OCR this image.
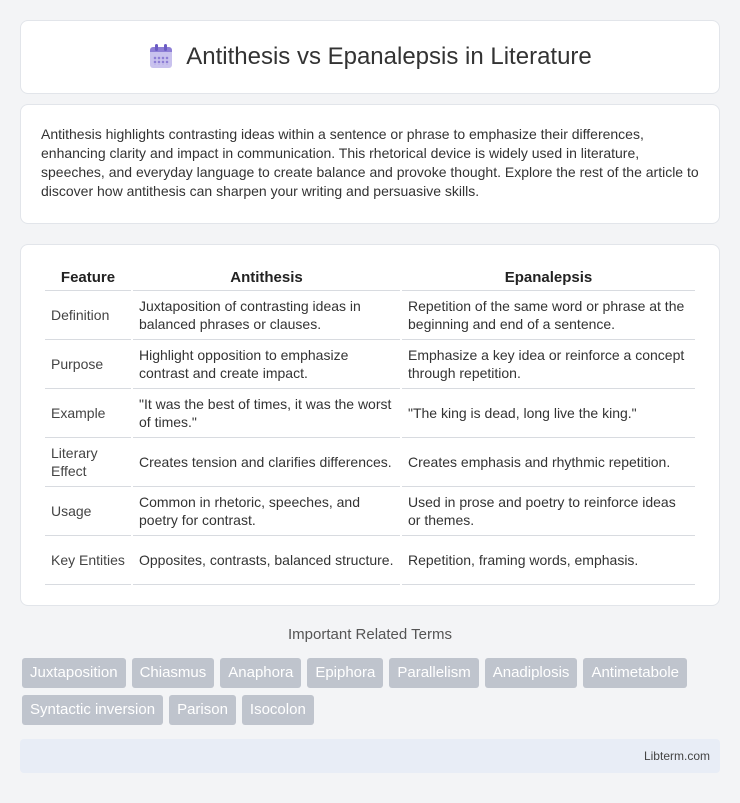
Antithesis vs Epanalepsis in Literature

Antithesis highlights contrasting ideas within a sentence or phrase to emphasize their differences, enhancing clarity and impact in communication. This rhetorical device is widely used in literature, speeches, and everyday language to create balance and provoke thought. Explore the rest of the article to discover how antithesis can sharpen your writing and persuasive skills.

Feature	Antithesis	Epanalepsis
Definition	Juxtaposition of contrasting ideas in balanced phrases or clauses.	Repetition of the same word or phrase at the beginning and end of a sentence.
Purpose	Highlight opposition to emphasize contrast and create impact.	Emphasize a key idea or reinforce a concept through repetition.
Example	"It was the best of times, it was the worst of times."	"The king is dead, long live the king."
Literary Effect	Creates tension and clarifies differences.	Creates emphasis and rhythmic repetition.
Usage	Common in rhetoric, speeches, and poetry for contrast.	Used in prose and poetry to reinforce ideas or themes.
Key Entities	Opposites, contrasts, balanced structure.	Repetition, framing words, emphasis.
Important Related Terms
Juxtaposition	Chiasmus	Anaphora	Epiphora	Parallelism	Anadiplosis	Antimetabole
Syntactic inversion	Parison	Isocolon
Libterm.com
